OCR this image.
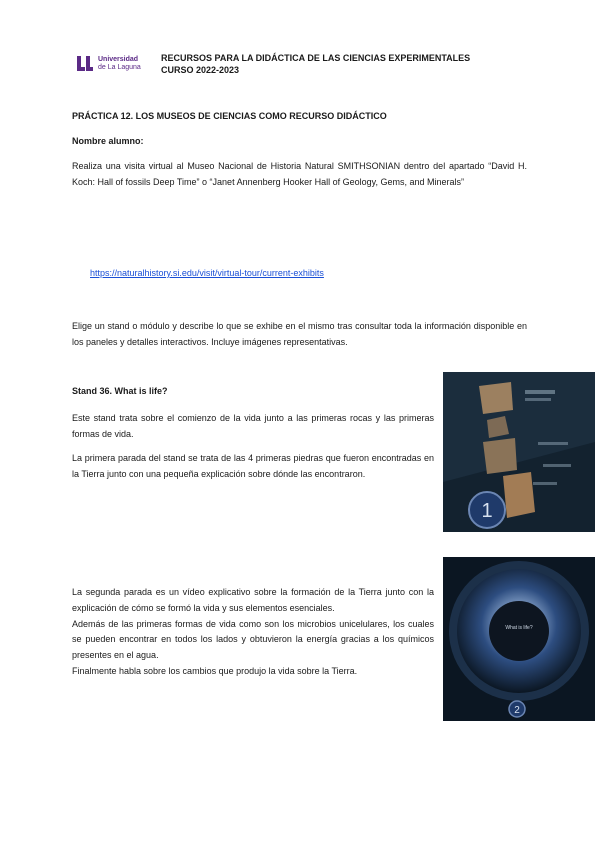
Universidad
de La Laguna
RECURSOS PARA LA DIDÁCTICA DE LAS CIENCIAS EXPERIMENTALES
CURSO 2022-2023
PRÁCTICA 12. LOS MUSEOS DE CIENCIAS COMO RECURSO DIDÁCTICO
Nombre alumno:
Realiza una visita virtual al Museo Nacional de Historia Natural SMITHSONIAN dentro del apartado “David H. Koch: Hall of fossils Deep Time” o “Janet Annenberg Hooker Hall of Geology, Gems, and Minerals”
https://naturalhistory.si.edu/visit/virtual-tour/current-exhibits
Elige un stand o módulo y describe lo que se exhibe en el mismo tras consultar toda la información disponible en los paneles y detalles interactivos. Incluye imágenes representativas.
Stand 36. What is life?
Este stand trata sobre el comienzo de la vida junto a las primeras rocas y las primeras formas de vida.
La primera parada del stand se trata de las 4 primeras piedras que fueron encontradas en la Tierra junto con una pequeña explicación sobre dónde las encontraron.
La segunda parada es un vídeo explicativo sobre la formación de la Tierra junto con la explicación de cómo se formó la vida y sus elementos esenciales.
Además de las primeras formas de vida como son los microbios unicelulares, los cuales se pueden encontrar en todos los lados y obtuvieron la energía gracias a los químicos presentes en el agua.
Finalmente habla sobre los cambios que produjo la vida sobre la Tierra.
1
What is life?
2
